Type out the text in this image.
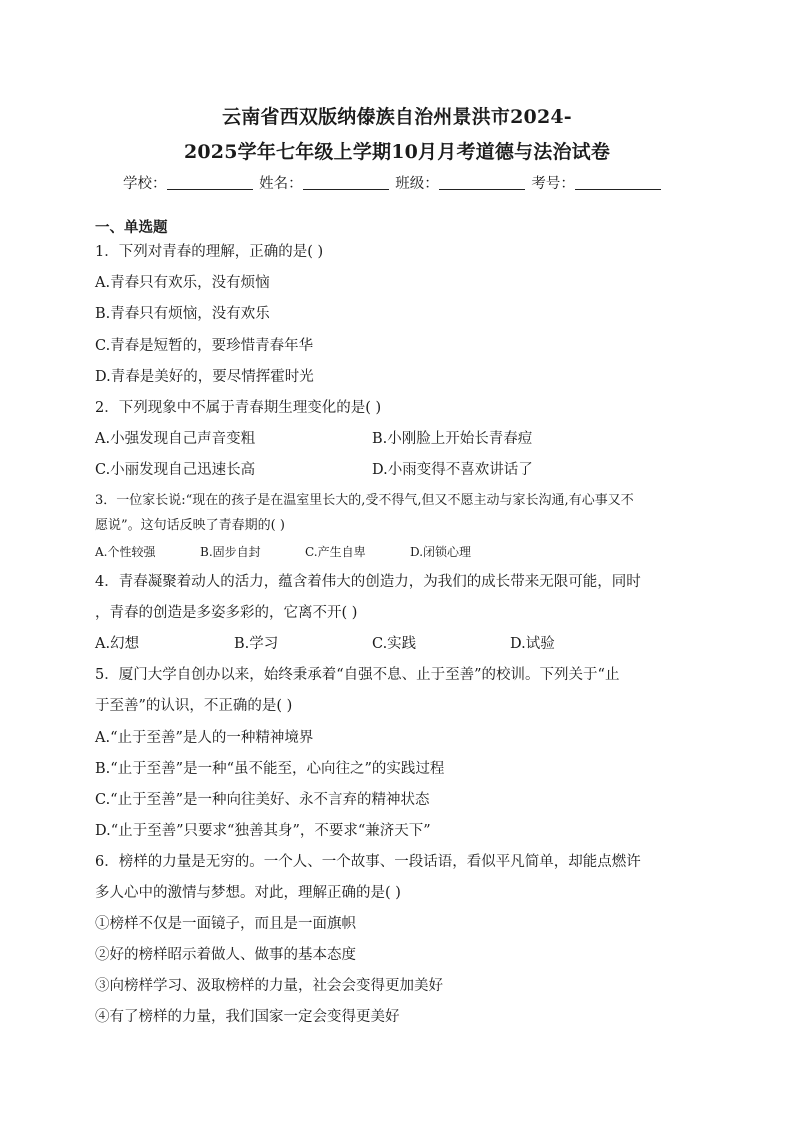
云南省西双版纳傣族自治州景洪市2024-
2025学年七年级上学期10月月考道德与法治试卷
学校：	姓名：	班级：	考号：
一、单选题
1．下列对青春的理解，正确的是( )
A.青春只有欢乐，没有烦恼
B.青春只有烦恼，没有欢乐
C.青春是短暂的，要珍惜青春年华
D.青春是美好的，要尽情挥霍时光
2．下列现象中不属于青春期生理变化的是( )
A.小强发现自己声音变粗	B.小刚脸上开始长青春痘
C.小丽发现自己迅速长高	D.小雨变得不喜欢讲话了
3．一位家长说:“现在的孩子是在温室里长大的,受不得气,但又不愿主动与家长沟通,有心事又不
愿说”。这句话反映了青春期的( )
A.个性较强	B.固步自封	C.产生自卑	D.闭锁心理
4．青春凝聚着动人的活力，蕴含着伟大的创造力，为我们的成长带来无限可能，同时
，青春的创造是多姿多彩的，它离不开( )
A.幻想	B.学习	C.实践	D.试验
5．厦门大学自创办以来，始终秉承着“自强不息、止于至善”的校训。下列关于“止
于至善”的认识，不正确的是( )
A.“止于至善”是人的一种精神境界
B.“止于至善”是一种“虽不能至，心向往之”的实践过程
C.“止于至善”是一种向往美好、永不言弃的精神状态
D.“止于至善”只要求“独善其身”，不要求“兼济天下”
6．榜样的力量是无穷的。一个人、一个故事、一段话语，看似平凡简单，却能点燃许
多人心中的激情与梦想。对此，理解正确的是( )
①榜样不仅是一面镜子，而且是一面旗帜
②好的榜样昭示着做人、做事的基本态度
③向榜样学习、汲取榜样的力量，社会会变得更加美好
④有了榜样的力量，我们国家一定会变得更美好
